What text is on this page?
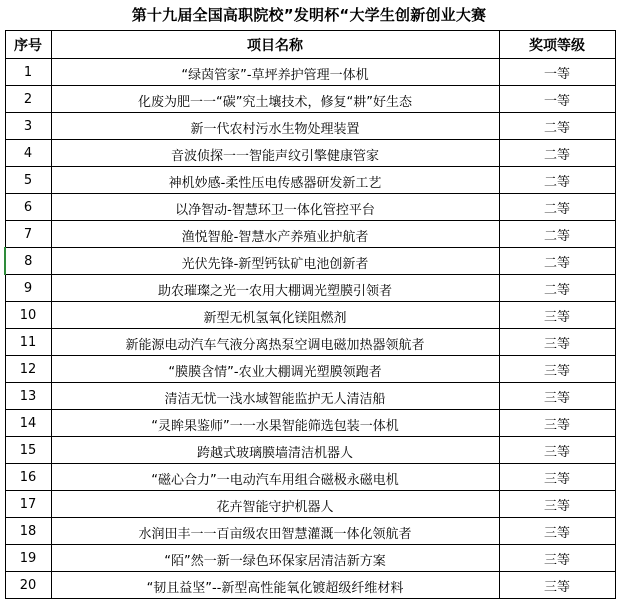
第十九届全国高职院校”发明杯“大学生创新创业大赛
序号	项目名称	奖项等级
1	“绿茵管家”-草坪养护管理一体机	一等
2	化废为肥一一“碳”究土壤技术，修复“耕”好生态	一等
3	新一代农村污水生物处理装置	二等
4	音波侦探一一智能声纹引擎健康管家	二等
5	神机妙感-柔性压电传感器研发新工艺	二等
6	以净智动-智慧环卫一体化管控平台	二等
7	渔悦智舱-智慧水产养殖业护航者	二等
8	光伏先锋-新型钙钛矿电池创新者	二等
9	助农璀璨之光一农用大棚调光塑膜引领者	二等
10	新型无机氢氧化镁阻燃剂	三等
11	新能源电动汽车气液分离热泵空调电磁加热器领航者	三等
12	“膜膜含情”-农业大棚调光塑膜领跑者	三等
13	清洁无忧一浅水域智能监护无人清洁船	三等
14	“灵眸果鉴师”一一水果智能筛选包装一体机	三等
15	跨越式玻璃膜墙清洁机器人	三等
16	“磁心合力”一电动汽车用组合磁极永磁电机	三等
17	花卉智能守护机器人	三等
18	水润田丰一一百亩级农田智慧灌溉一体化领航者	三等
19	“陌”然一新一绿色环保家居清洁新方案	三等
20	“韧且益坚”--新型高性能氧化镀超级纤维材料	三等
